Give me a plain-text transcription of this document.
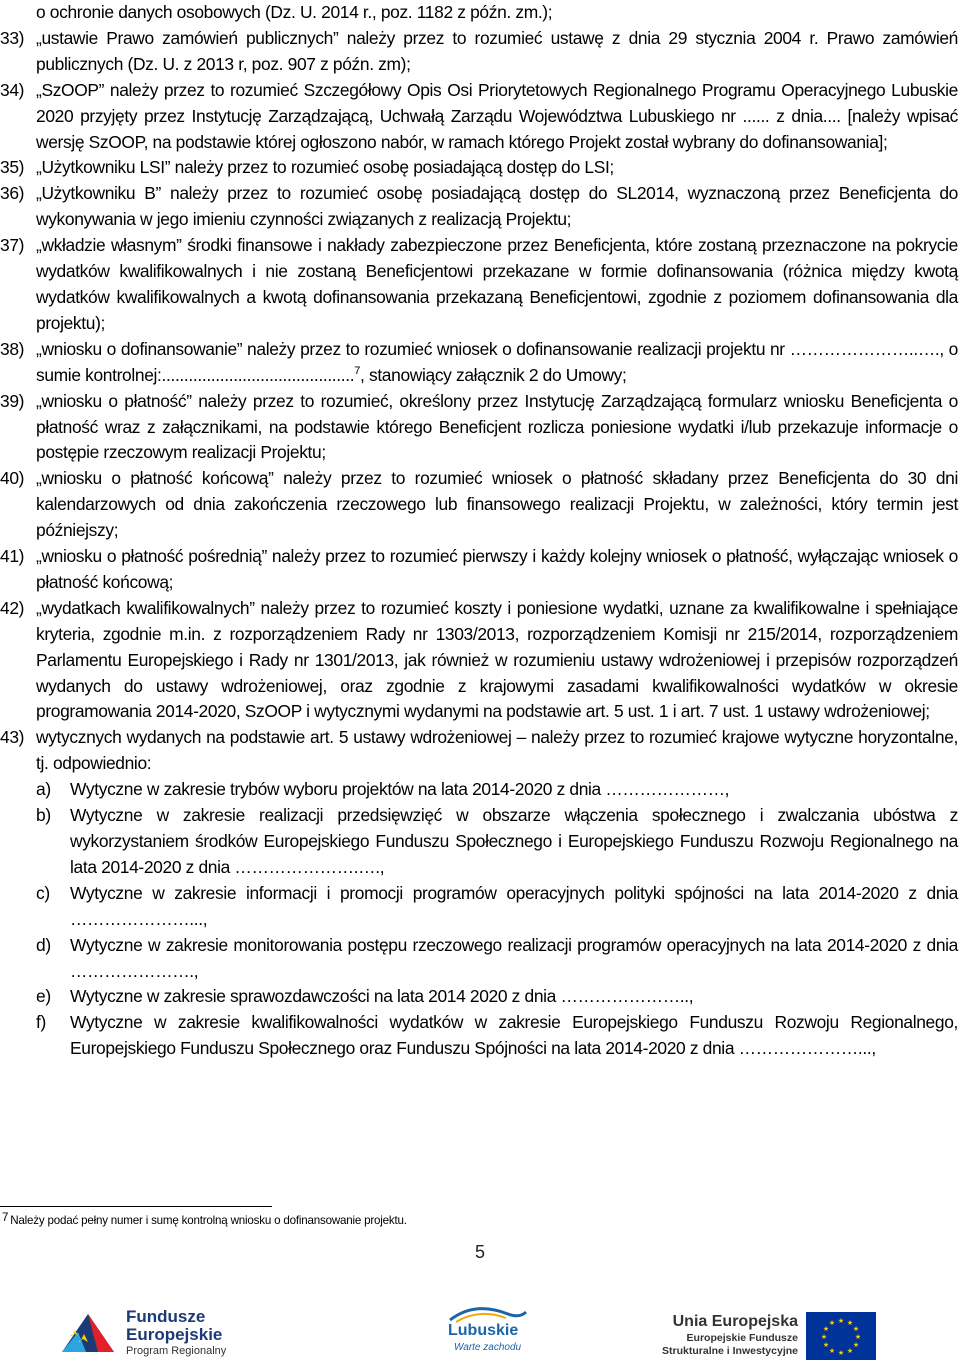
o ochronie danych osobowych (Dz. U. 2014 r., poz. 1182 z późn. zm.);

33) „ustawie Prawo zamówień publicznych” należy przez to rozumieć ustawę z dnia 29 stycznia 2004 r. Prawo zamówień publicznych (Dz. U. z 2013 r, poz. 907 z późn. zm);
34) „SzOOP” należy przez to rozumieć Szczegółowy Opis Osi Priorytetowych Regionalnego Programu Operacyjnego Lubuskie 2020 przyjęty przez Instytucję Zarządzającą, Uchwałą Zarządu Województwa Lubuskiego nr ...... z dnia.... [należy wpisać wersję SzOOP, na podstawie której ogłoszono nabór, w ramach którego Projekt został wybrany do dofinansowania];
35) „Użytkowniku LSI” należy przez to rozumieć osobę posiadającą dostęp do LSI;
36) „Użytkowniku B” należy przez to rozumieć osobę posiadającą dostęp do SL2014, wyznaczoną przez Beneficjenta do wykonywania w jego imieniu czynności związanych z realizacją Projektu;
37) „wkładzie własnym” środki finansowe i nakłady zabezpieczone przez Beneficjenta, które zostaną przeznaczone na pokrycie wydatków kwalifikowalnych i nie zostaną Beneficjentowi przekazane w formie dofinansowania (różnica między kwotą wydatków kwalifikowalnych a kwotą dofinansowania przekazaną Beneficjentowi, zgodnie z poziomem dofinansowania dla projektu);
38) „wniosku o dofinansowanie” należy przez to rozumieć wniosek o dofinansowanie realizacji projektu nr …………………..…., o sumie kontrolnej:...........................................$^7$, stanowiący załącznik 2 do Umowy;
39) „wniosku o płatność” należy przez to rozumieć, określony przez Instytucję Zarządzającą formularz wniosku Beneficjenta o płatność wraz z załącznikami, na podstawie którego Beneficjent rozlicza poniesione wydatki i/lub przekazuje informacje o postępie rzeczowym realizacji Projektu;
40) „wniosku o płatność końcową” należy przez to rozumieć wniosek o płatność składany przez Beneficjenta do 30 dni kalendarzowych od dnia zakończenia rzeczowego lub finansowego realizacji Projektu, w zależności, który termin jest późniejszy;
41) „wniosku o płatność pośrednią” należy przez to rozumieć pierwszy i każdy kolejny wniosek o płatność, wyłączając wniosek o płatność końcową;
42) „wydatkach kwalifikowalnych” należy przez to rozumieć koszty i poniesione wydatki, uznane za kwalifikowalne i spełniające kryteria, zgodnie m.in. z rozporządzeniem Rady nr 1303/2013, rozporządzeniem Komisji nr 215/2014, rozporządzeniem Parlamentu Europejskiego i Rady nr 1301/2013, jak również w rozumieniu ustawy wdrożeniowej i przepisów rozporządzeń wydanych do ustawy wdrożeniowej, oraz zgodnie z krajowymi zasadami kwalifikowalności wydatków w okresie programowania 2014-2020, SzOOP i wytycznymi wydanymi na podstawie art. 5 ust. 1 i art. 7 ust. 1 ustawy wdrożeniowej;
43) wytycznych wydanych na podstawie art. 5 ustawy wdrożeniowej – należy przez to rozumieć krajowe wytyczne horyzontalne, tj. odpowiednio:
a)	Wytyczne w zakresie trybów wyboru projektów na lata 2014-2020 z dnia …………………,
b)	Wytyczne w zakresie realizacji przedsięwzięć w obszarze włączenia społecznego i zwalczania ubóstwa z wykorzystaniem środków Europejskiego Funduszu Społecznego i Europejskiego Funduszu Rozwoju Regionalnego na lata 2014-2020 z dnia ………………….….,
c)	Wytyczne w zakresie informacji i promocji programów operacyjnych polityki spójności na lata 2014-2020 z dnia …………………...,
d)	Wytyczne w zakresie monitorowania postępu rzeczowego realizacji programów operacyjnych na lata 2014-2020 z dnia ………………….,
e)	Wytyczne w zakresie sprawozdawczości na lata 2014 2020 z dnia …………………..,
f)	Wytyczne w zakresie kwalifikowalności wydatków w zakresie Europejskiego Funduszu Rozwoju Regionalnego, Europejskiego Funduszu Społecznego oraz Funduszu Spójności na lata 2014-2020 z dnia …………………...,
$^7$ Należy podać pełny numer i sumę kontrolną wniosku o dofinansowanie projektu.
5
Fundusze
Europejskie
Program Regionalny
Lubuskie
Warte zachodu
Unia Europejska
Europejskie Fundusze
Strukturalne i Inwestycyjne
★ ★
★
★
★
★
★
★
★
★
★
★
